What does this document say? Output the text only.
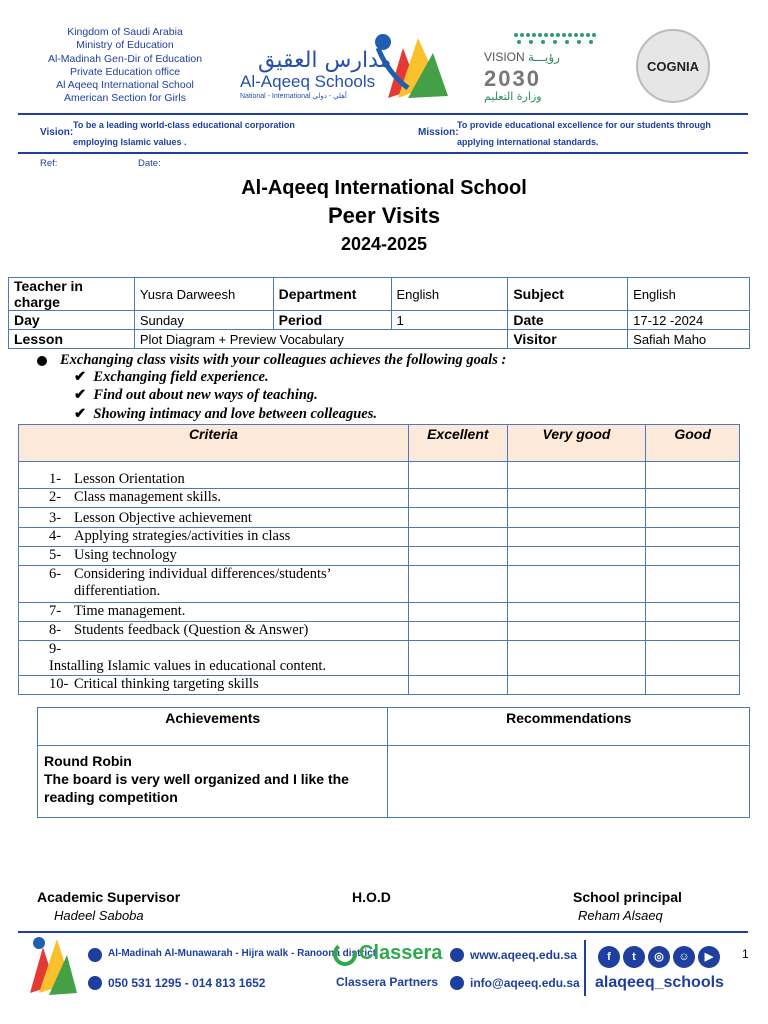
Kingdom of Saudi Arabia
Ministry of Education
Al-Madinah Gen-Dir of Education
Private Education office
Al Aqeeq International School
American Section for Girls
مدارس العقيق
Al-Aqeeq Schools
National - International أهلي - دولي
VISION رؤيـــة
2030
وزارة التعليم
COGNIA
Vision:
To be a leading world-class educational corporation
employing Islamic values .
Mission:
To provide educational excellence for our students through
applying international standards.
Ref:	Date:
Al-Aqeeq International School
Peer Visits
2024-2025
Teacher in charge	Yusra Darweesh	Department	English	Subject	English
Day	Sunday	Period	1	Date	17-12 -2024
Lesson	Plot Diagram + Preview Vocabulary			Visitor	Safiah Maho
Exchanging class visits with your colleagues achieves the following goals :
✔ Exchanging field experience.
✔ Find out about new ways of teaching.
✔ Showing intimacy and love between colleagues.
Criteria	Excellent	Very good	Good
1- Lesson Orientation			
2- Class management skills.			
3- Lesson Objective achievement			
4- Applying strategies/activities in class			
5- Using technology			
6- Considering individual differences/students’ differentiation.			
7- Time management.			
8- Students feedback (Question & Answer)			
9-Installing Islamic values in educational content.			
10- Critical thinking targeting skills			
Achievements	Recommendations

Round Robin
The board is very well organized and I like the reading competition	

Academic Supervisor
Hadeel Saboba
H.O.D	School principal
Reham Alsaeq
Al-Madinah Al-Munawarah - Hijra walk - Ranoona district
050 531 1295 - 014 813 1652
Classera
Classera Partners
www.aqeeq.edu.sa
info@aqeeq.edu.sa
f	t	◎	☺	▶
alaqeeq_schools
1
